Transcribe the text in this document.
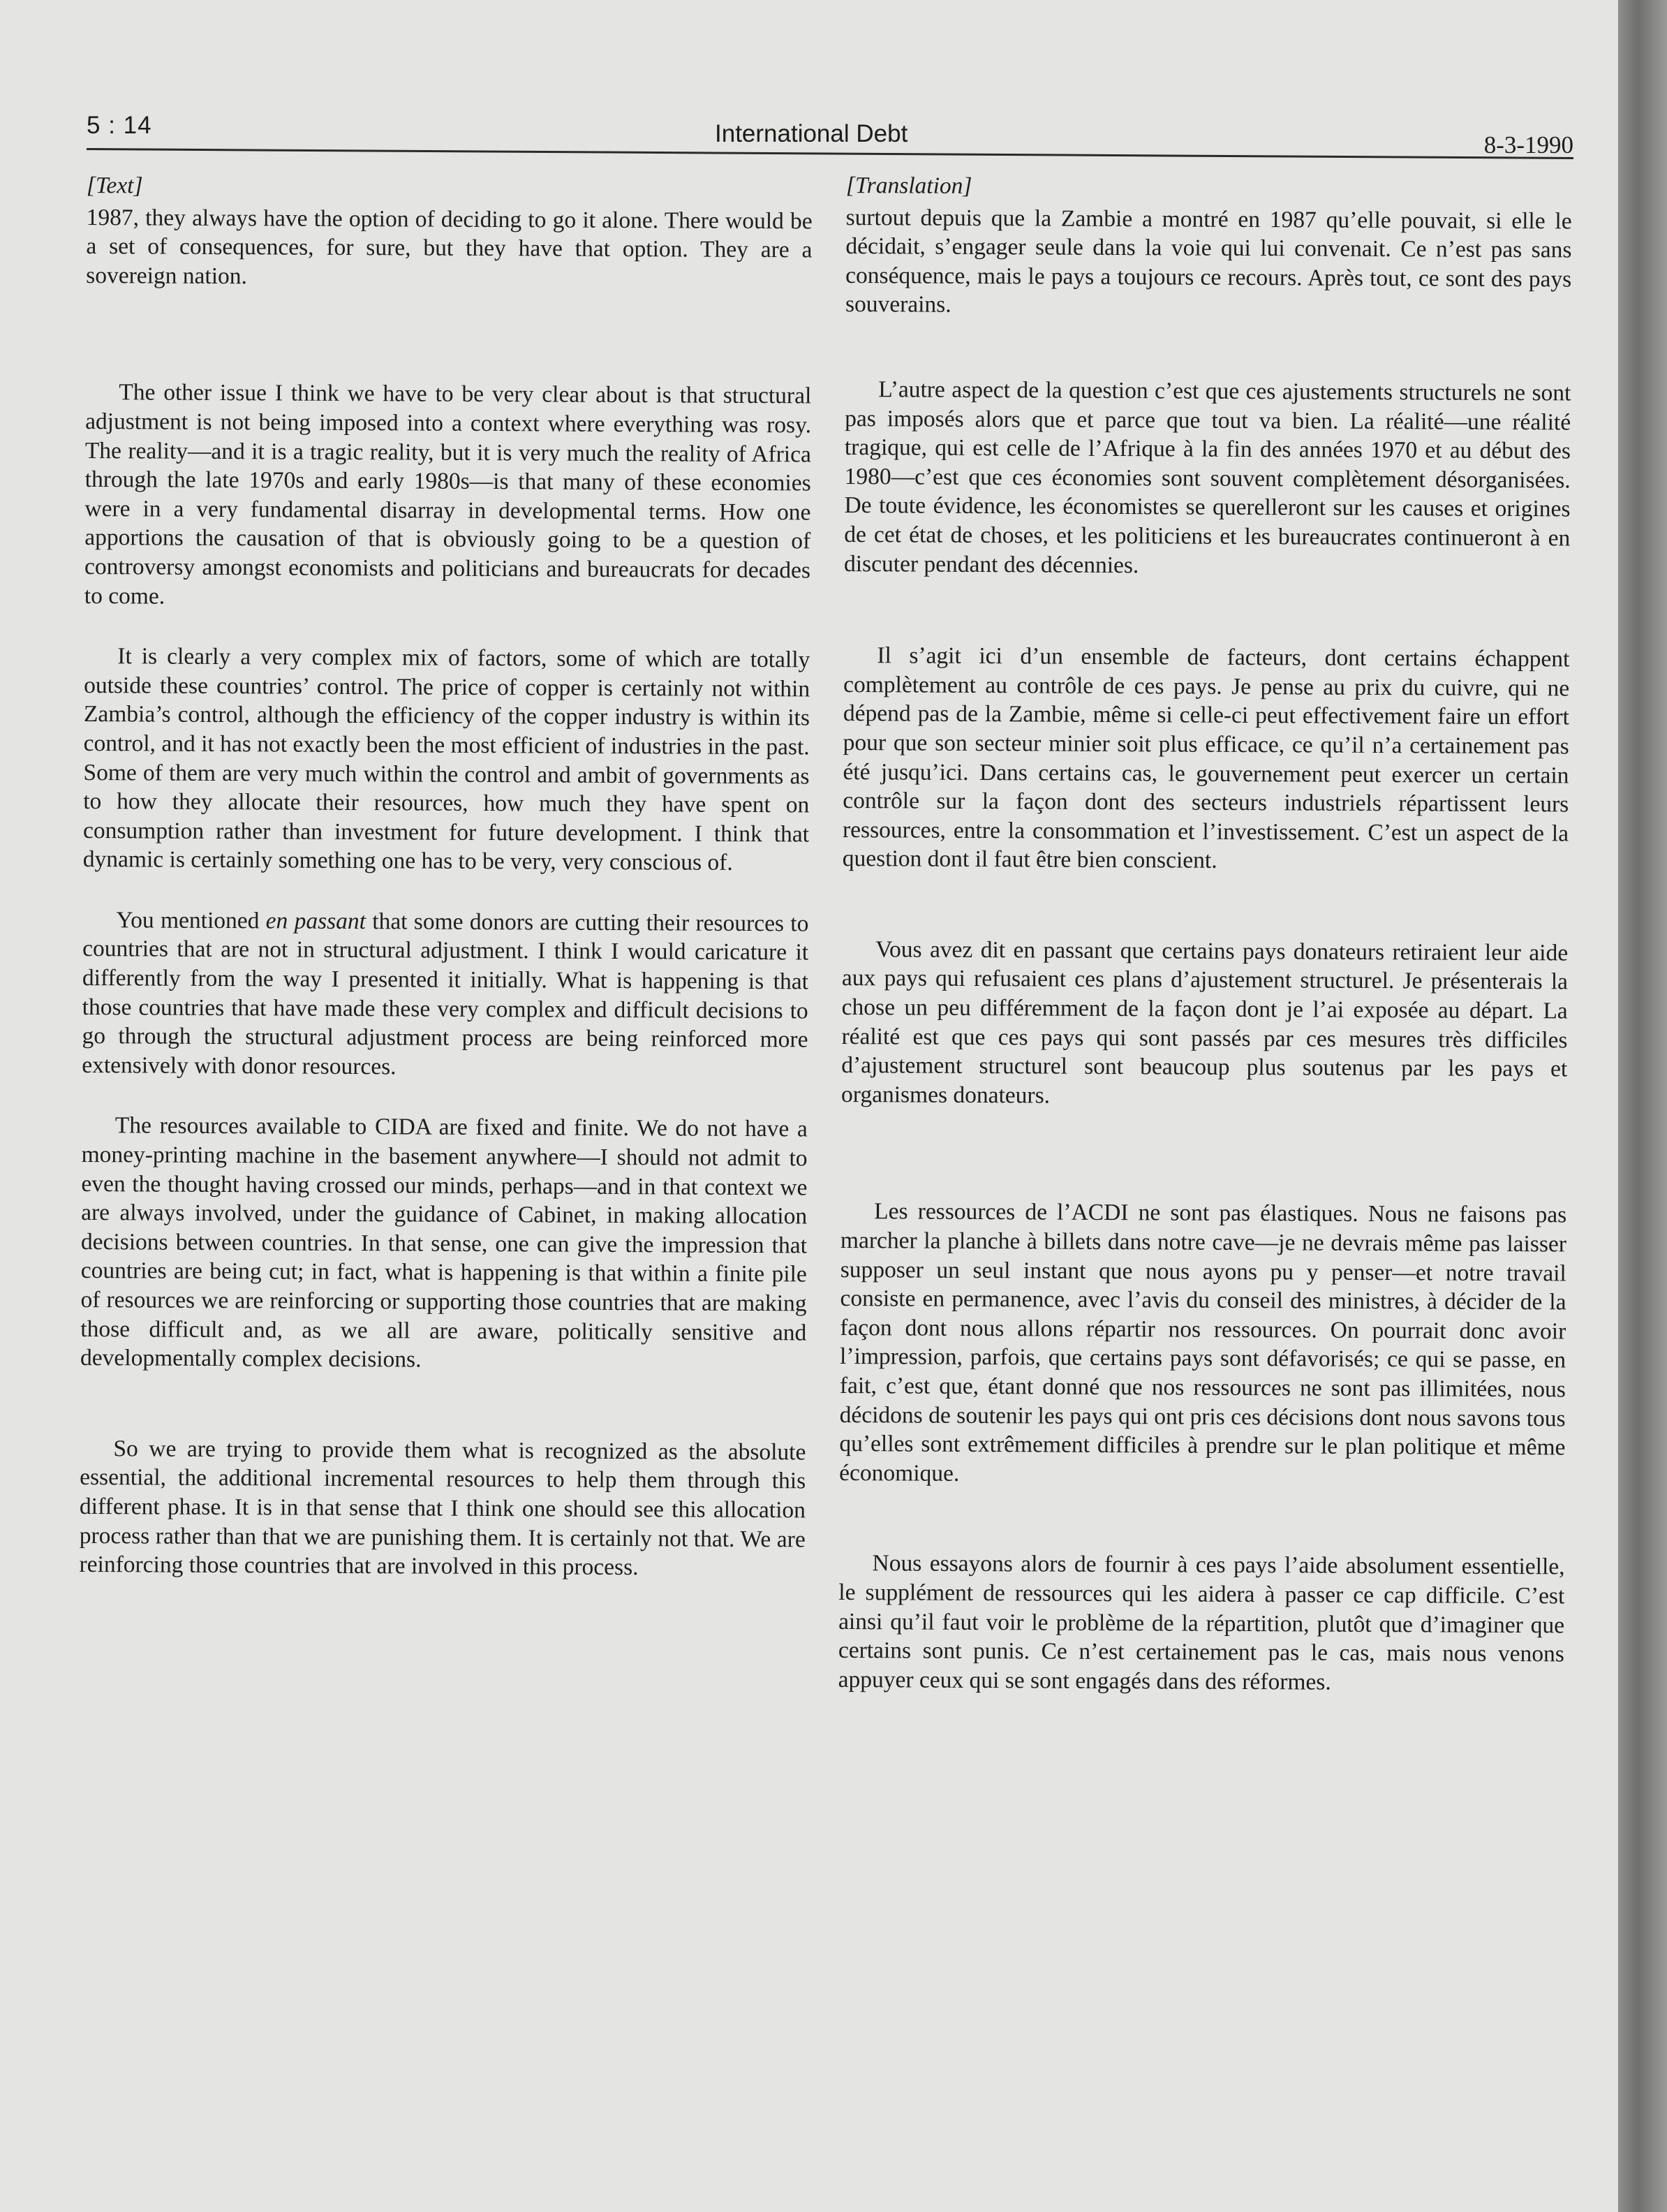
5 : 14	International Debt	8-3-1990

[Text]

1987, they always have the option of deciding to go it alone. There would be a set of consequences, for sure, but they have that option. They are a sovereign nation.

The other issue I think we have to be very clear about is that structural adjustment is not being imposed into a context where everything was rosy. The reality—and it is a tragic reality, but it is very much the reality of Africa through the late 1970s and early 1980s—is that many of these economies were in a very fundamental disarray in developmental terms. How one apportions the causation of that is obviously going to be a question of controversy amongst economists and politicians and bureaucrats for decades to come.

It is clearly a very complex mix of factors, some of which are totally outside these countries’ control. The price of copper is certainly not within Zambia’s control, although the efficiency of the copper industry is within its control, and it has not exactly been the most efficient of industries in the past. Some of them are very much within the control and ambit of governments as to how they allocate their resources, how much they have spent on consumption rather than investment for future development. I think that dynamic is certainly something one has to be very, very conscious of.

You mentioned en passant that some donors are cutting their resources to countries that are not in structural adjustment. I think I would caricature it differently from the way I presented it initially. What is happening is that those countries that have made these very complex and difficult decisions to go through the structural adjustment process are being reinforced more extensively with donor resources.

The resources available to CIDA are fixed and finite. We do not have a money-printing machine in the basement anywhere—I should not admit to even the thought having crossed our minds, perhaps—and in that context we are always involved, under the guidance of Cabinet, in making allocation decisions between countries. In that sense, one can give the impression that countries are being cut; in fact, what is happening is that within a finite pile of resources we are reinforcing or supporting those countries that are making those difficult and, as we all are aware, politically sensitive and developmentally complex decisions.

So we are trying to provide them what is recognized as the absolute essential, the additional incremental resources to help them through this different phase. It is in that sense that I think one should see this allocation process rather than that we are punishing them. It is certainly not that. We are reinforcing those countries that are involved in this process.

[Translation]

surtout depuis que la Zambie a montré en 1987 qu’elle pouvait, si elle le décidait, s’engager seule dans la voie qui lui convenait. Ce n’est pas sans conséquence, mais le pays a toujours ce recours. Après tout, ce sont des pays souverains.

L’autre aspect de la question c’est que ces ajustements structurels ne sont pas imposés alors que et parce que tout va bien. La réalité—une réalité tragique, qui est celle de l’Afrique à la fin des années 1970 et au début des 1980—c’est que ces économies sont souvent complètement désorganisées. De toute évidence, les économistes se querelleront sur les causes et origines de cet état de choses, et les politiciens et les bureaucrates continueront à en discuter pendant des décennies.

Il s’agit ici d’un ensemble de facteurs, dont certains échappent complètement au contrôle de ces pays. Je pense au prix du cuivre, qui ne dépend pas de la Zambie, même si celle-ci peut effectivement faire un effort pour que son secteur minier soit plus efficace, ce qu’il n’a certainement pas été jusqu’ici. Dans certains cas, le gouvernement peut exercer un certain contrôle sur la façon dont des secteurs industriels répartissent leurs ressources, entre la consommation et l’investissement. C’est un aspect de la question dont il faut être bien conscient.

Vous avez dit en passant que certains pays donateurs retiraient leur aide aux pays qui refusaient ces plans d’ajustement structurel. Je présenterais la chose un peu différemment de la façon dont je l’ai exposée au départ. La réalité est que ces pays qui sont passés par ces mesures très difficiles d’ajustement structurel sont beaucoup plus soutenus par les pays et organismes donateurs.

Les ressources de l’ACDI ne sont pas élastiques. Nous ne faisons pas marcher la planche à billets dans notre cave—je ne devrais même pas laisser supposer un seul instant que nous ayons pu y penser—et notre travail consiste en permanence, avec l’avis du conseil des ministres, à décider de la façon dont nous allons répartir nos ressources. On pourrait donc avoir l’impression, parfois, que certains pays sont défavorisés; ce qui se passe, en fait, c’est que, étant donné que nos ressources ne sont pas illimitées, nous décidons de soutenir les pays qui ont pris ces décisions dont nous savons tous qu’elles sont extrêmement difficiles à prendre sur le plan politique et même économique.

Nous essayons alors de fournir à ces pays l’aide absolument essentielle, le supplément de ressources qui les aidera à passer ce cap difficile. C’est ainsi qu’il faut voir le problème de la répartition, plutôt que d’imaginer que certains sont punis. Ce n’est certainement pas le cas, mais nous venons appuyer ceux qui se sont engagés dans des réformes.
